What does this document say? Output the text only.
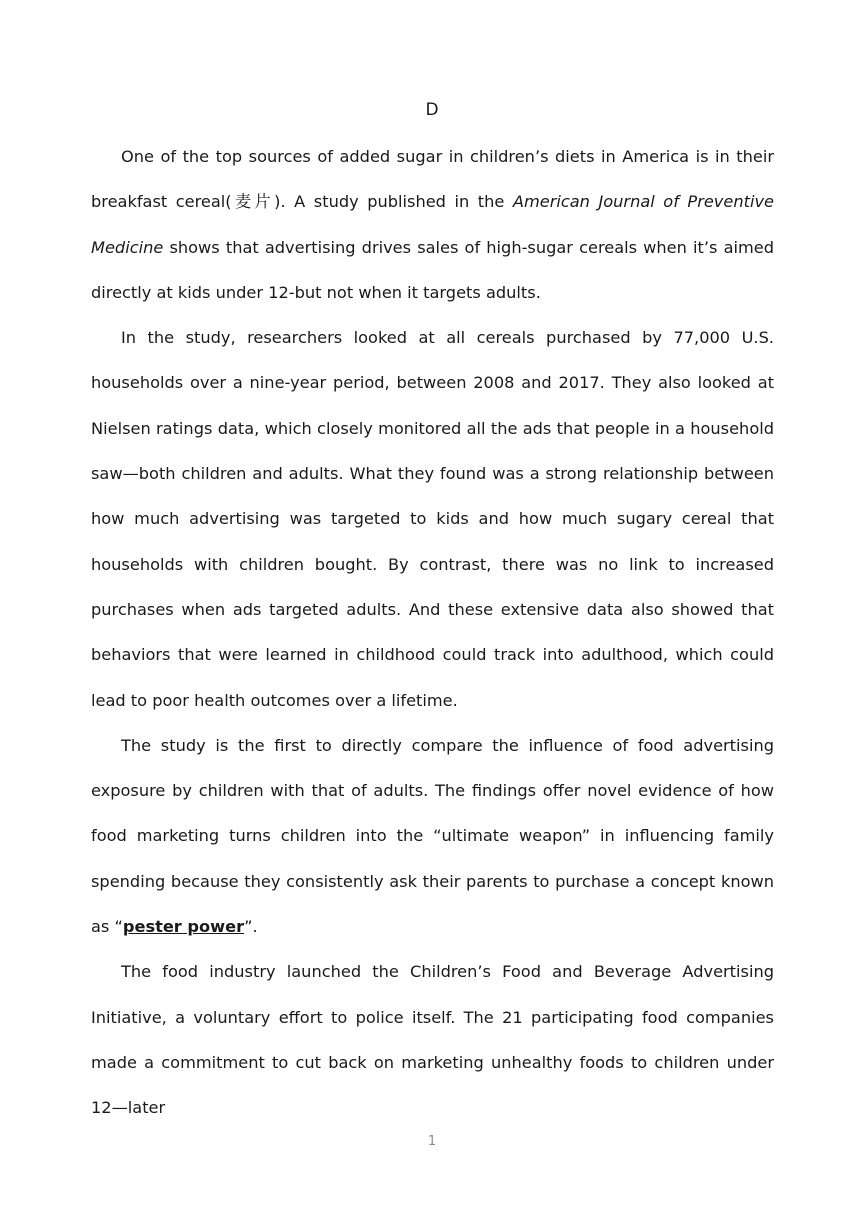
D

One of the top sources of added sugar in children’s diets in America is in their breakfast cereal(麦片). A study published in the American Journal of Preventive Medicine shows that advertising drives sales of high-sugar cereals when it’s aimed directly at kids under 12-but not when it targets adults.

In the study, researchers looked at all cereals purchased by 77,000 U.S. households over a nine-year period, between 2008 and 2017. They also looked at Nielsen ratings data, which closely monitored all the ads that people in a household saw—both children and adults. What they found was a strong relationship between how much advertising was targeted to kids and how much sugary cereal that households with children bought. By contrast, there was no link to increased purchases when ads targeted adults. And these extensive data also showed that behaviors that were learned in childhood could track into adulthood, which could lead to poor health outcomes over a lifetime.

The study is the first to directly compare the influence of food advertising exposure by children with that of adults. The findings offer novel evidence of how food marketing turns children into the “ultimate weapon” in influencing family spending because they consistently ask their parents to purchase a concept known as “pester power”.

The food industry launched the Children’s Food and Beverage Advertising Initiative, a voluntary effort to police itself. The 21 participating food companies made a commitment to cut back on marketing unhealthy foods to children under 12—later

1
